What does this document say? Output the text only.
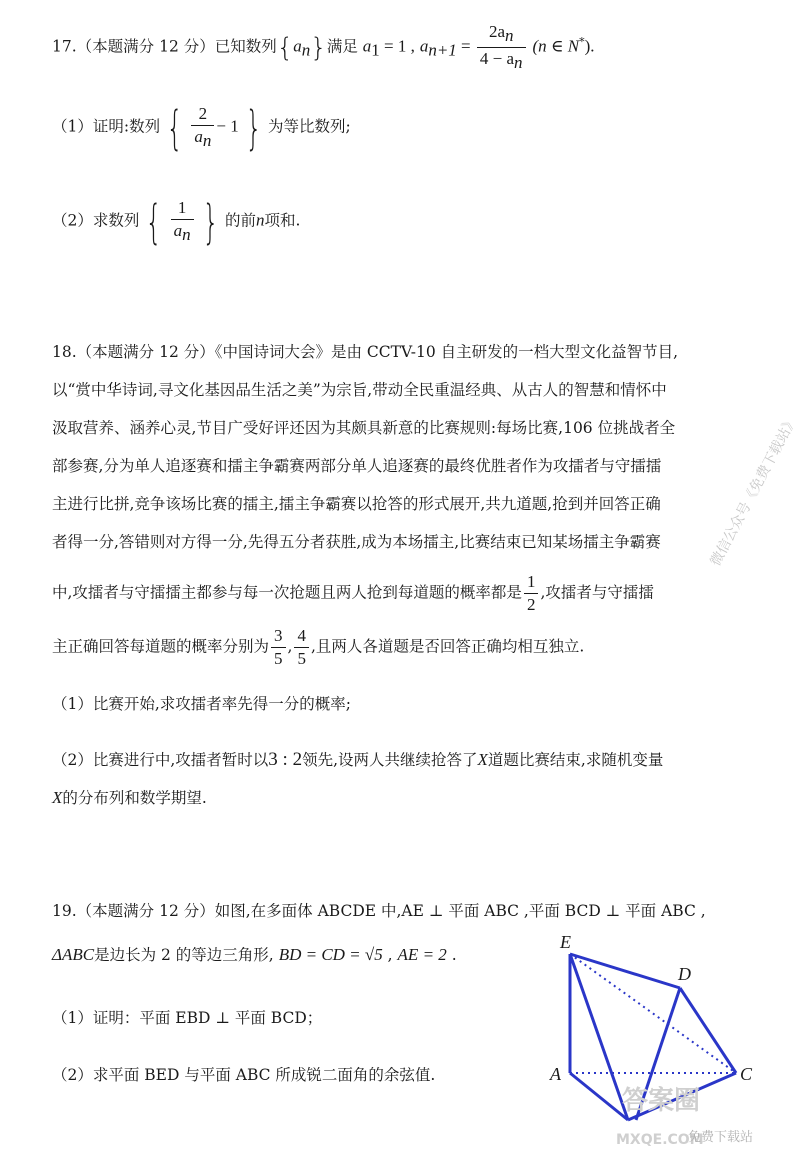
17.（本题满分 12 分）已知数列$\{a_n\}$满足 $a_1 = 1$ , $a_{n+1} = \frac{2a_n}{4 - a_n} (n$ ∈ N*).
（1）证明:数列 { $\frac{2}{a_n} - 1$ } 为等比数列;
（2）求数列 { $\frac{1}{a_n}$ } 的前n项和.
18.（本题满分 12 分）《中国诗词大会》是由 CCTV-10 自主研发的一档大型文化益智节目,
以“赏中华诗词,寻文化基因品生活之美”为宗旨,带动全民重温经典、从古人的智慧和情怀中
汲取营养、涵养心灵,节目广受好评还因为其颇具新意的比赛规则:每场比赛,106 位挑战者全
部参赛,分为单人追逐赛和擂主争霸赛两部分单人追逐赛的最终优胜者作为攻擂者与守擂擂
主进行比拼,竞争该场比赛的擂主,擂主争霸赛以抢答的形式展开,共九道题,抢到并回答正确
者得一分,答错则对方得一分,先得五分者获胜,成为本场擂主,比赛结束已知某场擂主争霸赛
中,攻擂者与守擂擂主都参与每一次抢题且两人抢到每道题的概率都是 $\frac{1}{2}$ ,攻擂者与守擂擂
主正确回答每道题的概率分别为 $\frac{3}{5}$ , $\frac{4}{5}$ ,且两人各道题是否回答正确均相互独立.
（1）比赛开始,求攻擂者率先得一分的概率;
（2）比赛进行中,攻擂者暂时以3 : 2领先,设两人共继续抢答了X道题比赛结束,求随机变量
X的分布列和数学期望.
微信公众号《免费下载站》
19.（本题满分 12 分）如图,在多面体 ABCDE 中,AE ⊥ 平面 ABC ,平面 BCD ⊥ 平面 ABC ,
ΔABC是边长为 2 的等边三角形, BD = CD = √5 , AE = 2 .
（1）证明：平面 EBD ⊥ 平面 BCD；
（2）求平面 BED 与平面 ABC 所成锐二面角的余弦值.
E
D
A	C
答案圈
MXQE.COM
免费下载站
